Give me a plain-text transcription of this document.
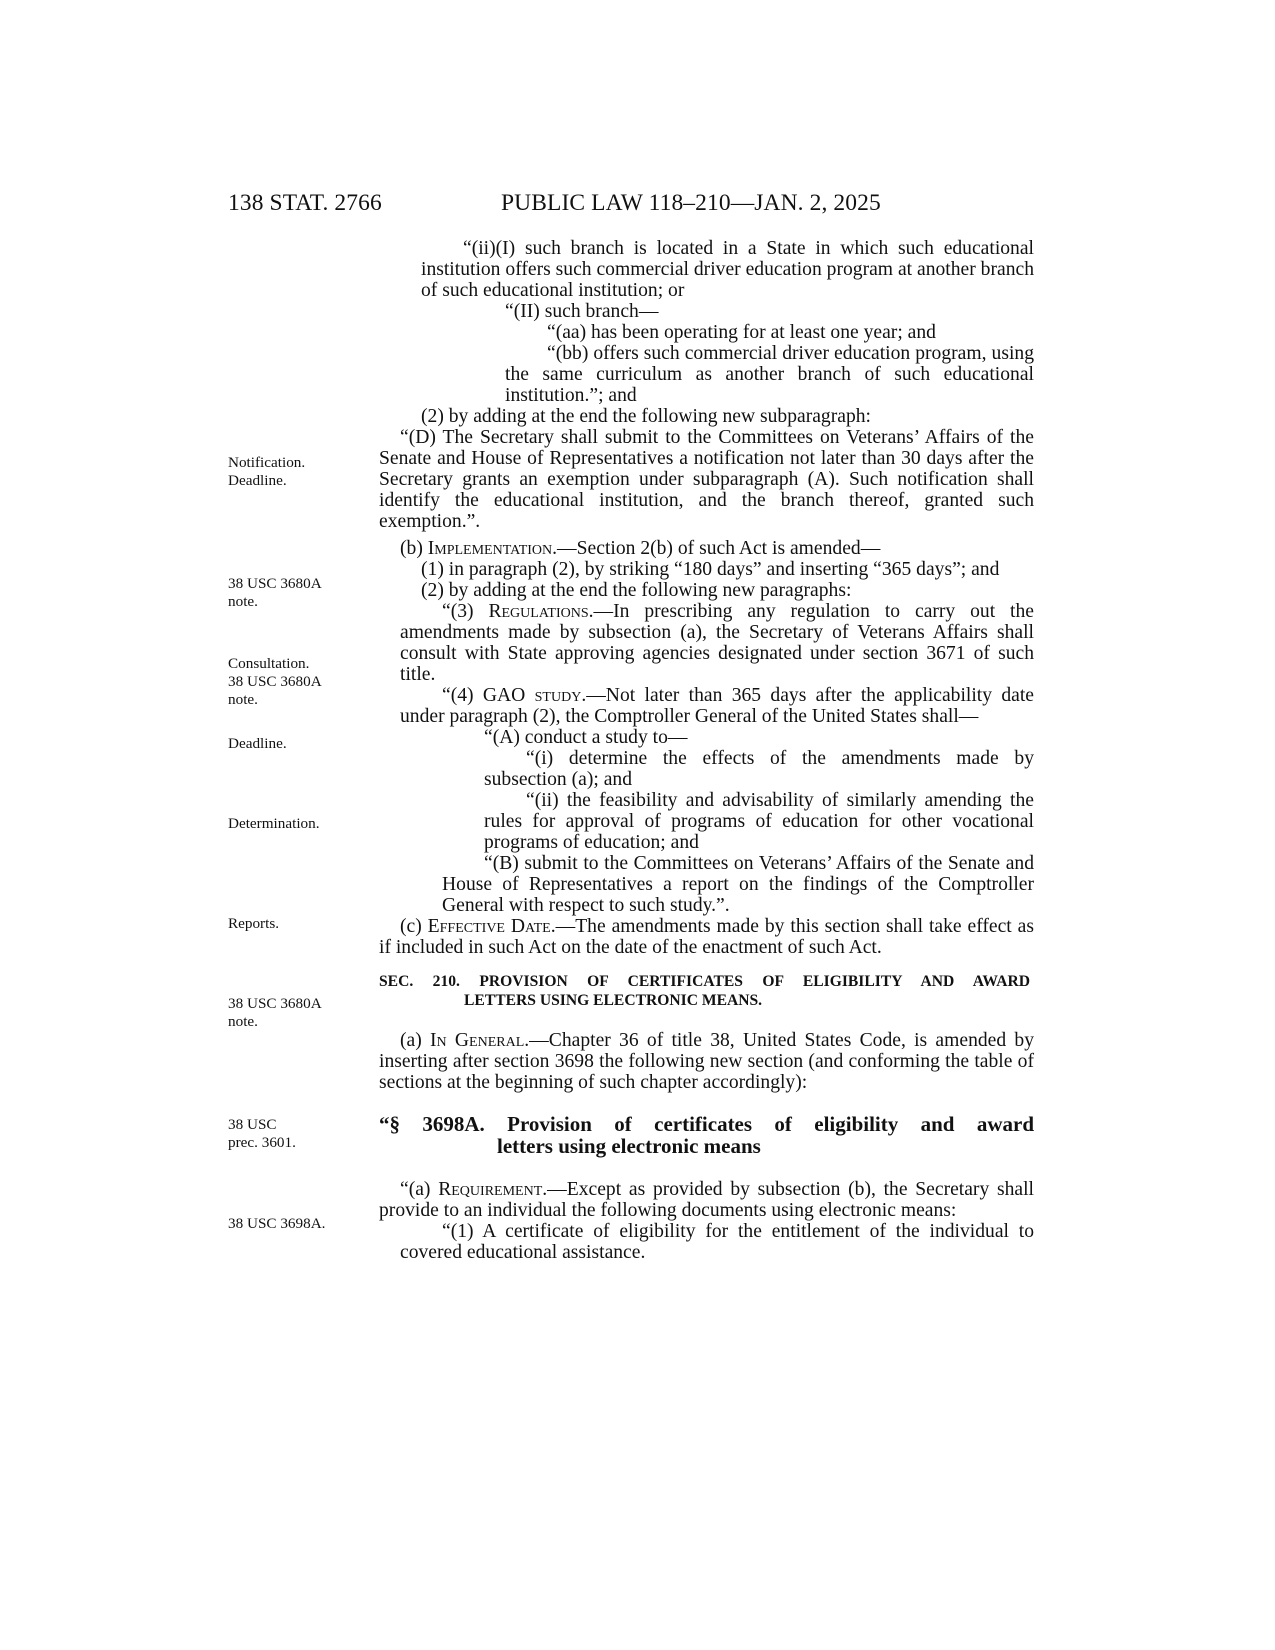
138 STAT. 2766	PUBLIC LAW 118–210—JAN. 2, 2025
Notification.
Deadline.
38 USC 3680A
note.
Consultation.
38 USC 3680A
note.
Deadline.
Determination.
Reports.
38 USC 3680A
note.
38 USC
prec. 3601.
38 USC 3698A.

“(ii)(I) such branch is located in a State in which such educational institution offers such commercial driver education program at another branch of such educational institution; or

“(II) such branch—

“(aa) has been operating for at least one year; and

“(bb) offers such commercial driver education program, using the same curriculum as another branch of such educational institution.”; and

(2) by adding at the end the following new subparagraph:

“(D) The Secretary shall submit to the Committees on Veterans’ Affairs of the Senate and House of Representatives a notification not later than 30 days after the Secretary grants an exemption under subparagraph (A). Such notification shall identify the educational institution, and the branch thereof, granted such exemption.”.

(b) Implementation.—Section 2(b) of such Act is amended—

(1) in paragraph (2), by striking “180 days” and inserting “365 days”; and

(2) by adding at the end the following new paragraphs:

“(3) Regulations.—In prescribing any regulation to carry out the amendments made by subsection (a), the Secretary of Veterans Affairs shall consult with State approving agencies designated under section 3671 of such title.

“(4) GAO study.—Not later than 365 days after the applicability date under paragraph (2), the Comptroller General of the United States shall—

“(A) conduct a study to—

“(i) determine the effects of the amendments made by subsection (a); and

“(ii) the feasibility and advisability of similarly amending the rules for approval of programs of education for other vocational programs of education; and

“(B) submit to the Committees on Veterans’ Affairs of the Senate and House of Representatives a report on the findings of the Comptroller General with respect to such study.”.

(c) Effective Date.—The amendments made by this section shall take effect as if included in such Act on the date of the enactment of such Act.

SEC. 210. PROVISION OF CERTIFICATES OF ELIGIBILITY AND AWARD
LETTERS USING ELECTRONIC MEANS.

(a) In General.—Chapter 36 of title 38, United States Code, is amended by inserting after section 3698 the following new section (and conforming the table of sections at the beginning of such chapter accordingly):

“§ 3698A. Provision of certificates of eligibility and award
letters using electronic means

“(a) Requirement.—Except as provided by subsection (b), the Secretary shall provide to an individual the following documents using electronic means:

“(1) A certificate of eligibility for the entitlement of the individual to covered educational assistance.
